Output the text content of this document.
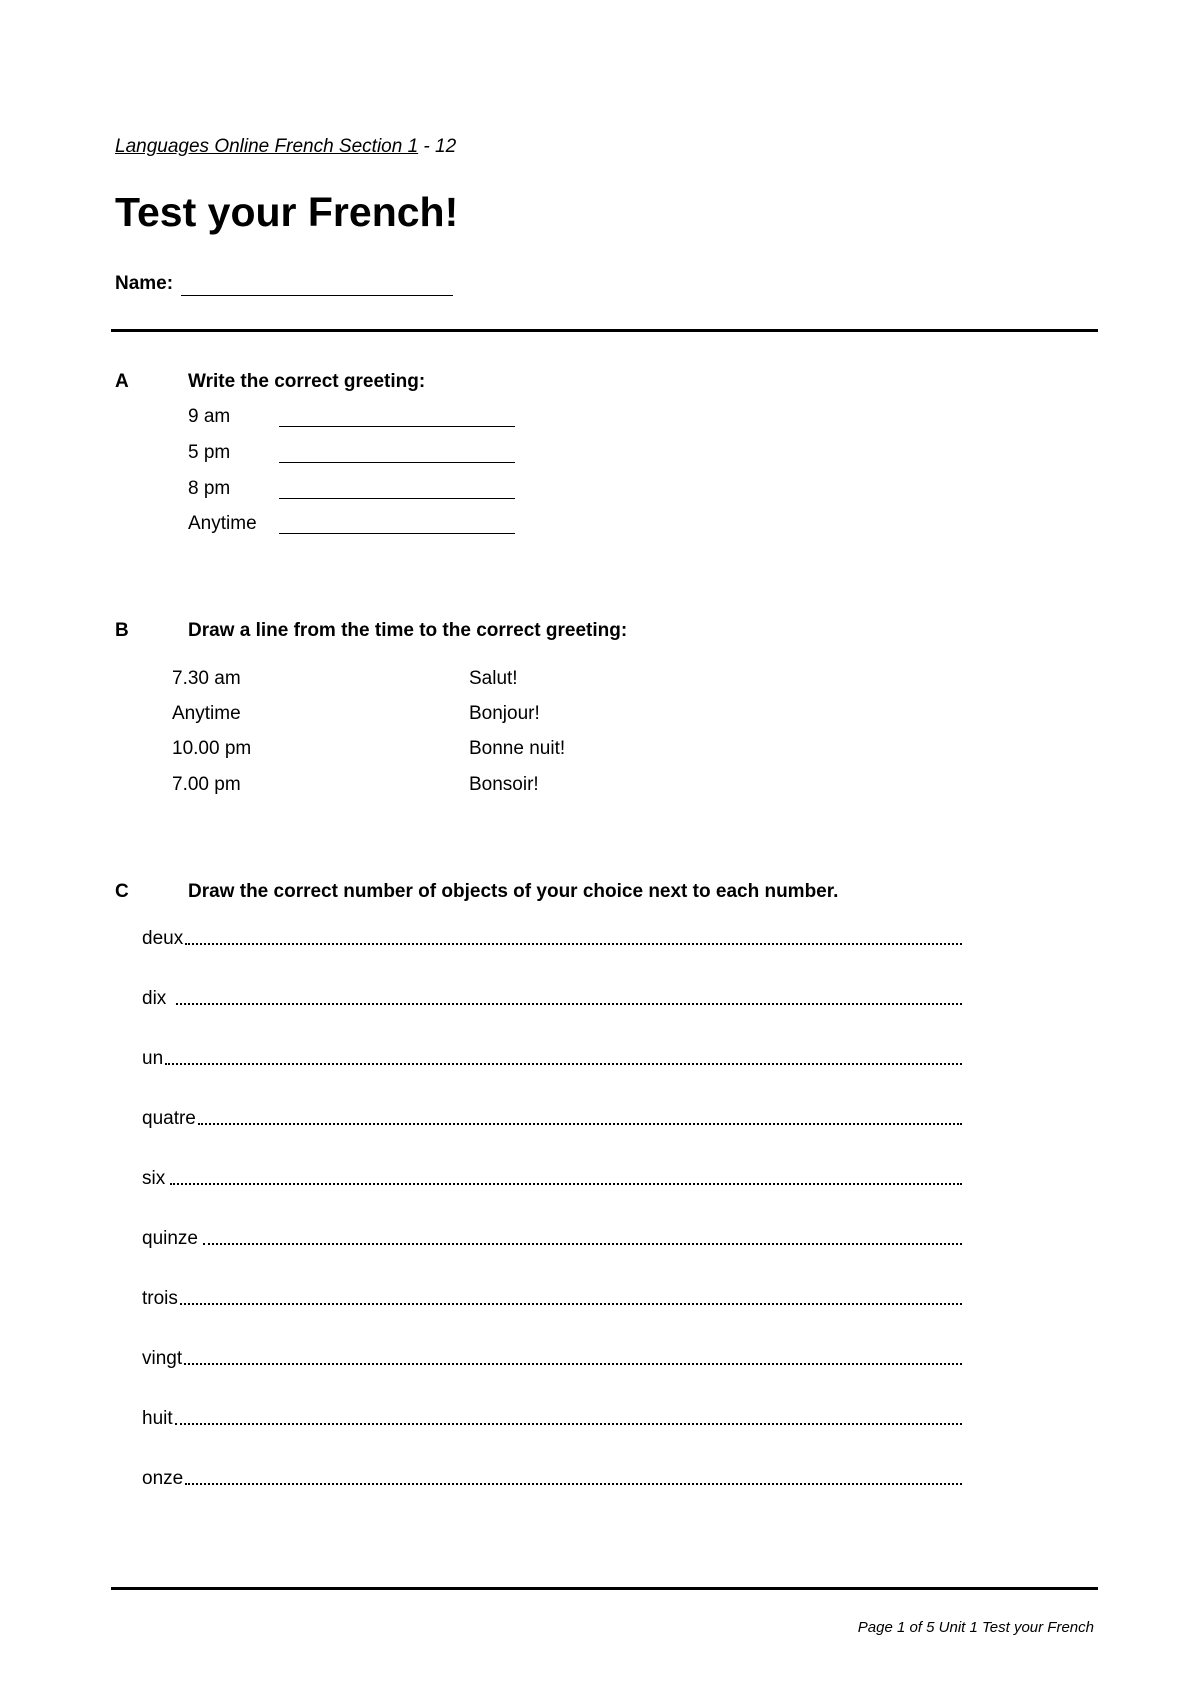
Languages Online French Section 1 - 12
Test your French!
Name:
A	Write the correct greeting:
9 am
5 pm
8 pm
Anytime
B	Draw a line from the time to the correct greeting:
7.30 am	Salut!
Anytime	Bonjour!
10.00 pm	Bonne nuit!
7.00 pm	Bonsoir!
C	Draw the correct number of objects of your choice next to each number.
deux
dix
un
quatre
six
quinze
trois
vingt
huit
onze
Page 1 of 5 Unit 1 Test your French
